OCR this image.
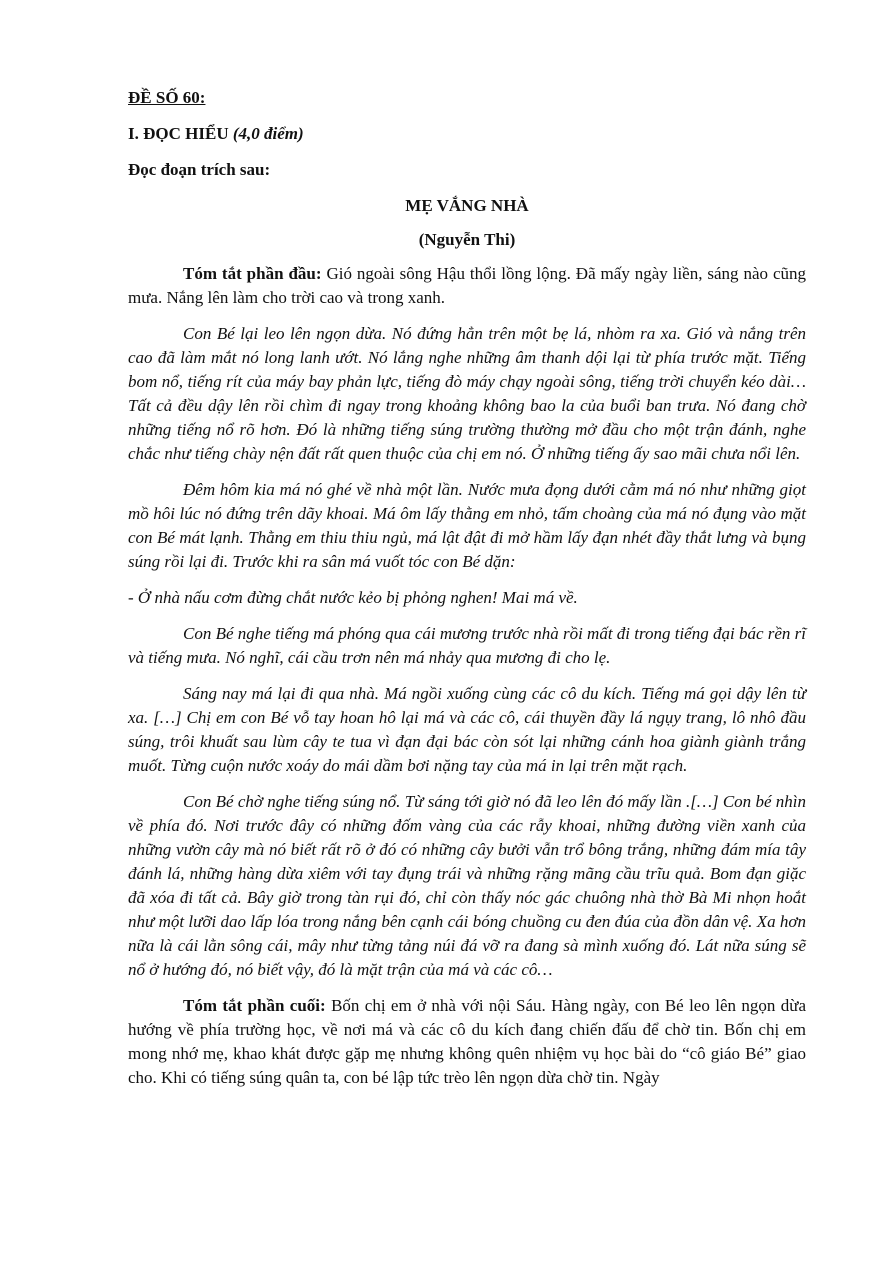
ĐỀ SỐ 60:
I. ĐỌC HIỂU (4,0 điểm)
Đọc đoạn trích sau:
MẸ VẮNG NHÀ
(Nguyễn Thi)

Tóm tắt phần đầu: Gió ngoài sông Hậu thổi lồng lộng. Đã mấy ngày liền, sáng nào cũng mưa. Nắng lên làm cho trời cao và trong xanh.

Con Bé lại leo lên ngọn dừa. Nó đứng hẳn trên một bẹ lá, nhòm ra xa. Gió và nắng trên cao đã làm mắt nó long lanh ướt. Nó lắng nghe những âm thanh dội lại từ phía trước mặt. Tiếng bom nổ, tiếng rít của máy bay phản lực, tiếng đò máy chạy ngoài sông, tiếng trời chuyển kéo dài… Tất cả đều dậy lên rồi chìm đi ngay trong khoảng không bao la của buổi ban trưa. Nó đang chờ những tiếng nổ rõ hơn. Đó là những tiếng súng trường thường mở đầu cho một trận đánh, nghe chắc như tiếng chày nện đất rất quen thuộc của chị em nó. Ở những tiếng ấy sao mãi chưa nổi lên.

Đêm hôm kia má nó ghé về nhà một lần. Nước mưa đọng dưới cằm má nó như những giọt mồ hôi lúc nó đứng trên dãy khoai. Má ôm lấy thằng em nhỏ, tấm choàng của má nó đụng vào mặt con Bé mát lạnh. Thằng em thiu thiu ngủ, má lật đật đi mở hầm lấy đạn nhét đầy thắt lưng và bụng súng rồi lại đi. Trước khi ra sân má vuốt tóc con Bé dặn:

- Ở nhà nấu cơm đừng chắt nước kẻo bị phỏng nghen! Mai má về.

Con Bé nghe tiếng má phóng qua cái mương trước nhà rồi mất đi trong tiếng đại bác rền rĩ và tiếng mưa. Nó nghĩ, cái cầu trơn nên má nhảy qua mương đi cho lẹ.

Sáng nay má lại đi qua nhà. Má ngồi xuống cùng các cô du kích. Tiếng má gọi dậy lên từ xa. […] Chị em con Bé vỗ tay hoan hô lại má và các cô, cái thuyền đầy lá ngụy trang, lô nhô đầu súng, trôi khuất sau lùm cây te tua vì đạn đại bác còn sót lại những cánh hoa giành giành trắng muốt. Từng cuộn nước xoáy do mái dầm bơi nặng tay của má in lại trên mặt rạch.

Con Bé chờ nghe tiếng súng nổ. Từ sáng tới giờ nó đã leo lên đó mấy lần .[…] Con bé nhìn về phía đó. Nơi trước đây có những đốm vàng của các rẫy khoai, những đường viền xanh của những vườn cây mà nó biết rất rõ ở đó có những cây bưởi vẫn trổ bông trắng, những đám mía tây đánh lá, những hàng dừa xiêm với tay đụng trái và những rặng mãng cầu trĩu quả. Bom đạn giặc đã xóa đi tất cả. Bây giờ trong tàn rụi đó, chỉ còn thấy nóc gác chuông nhà thờ Bà Mi nhọn hoắt như một lưỡi dao lấp lóa trong nắng bên cạnh cái bóng chuồng cu đen đúa của đồn dân vệ. Xa hơn nữa là cái lằn sông cái, mây như từng tảng núi đá vỡ ra đang sà mình xuống đó. Lát nữa súng sẽ nổ ở hướng đó, nó biết vậy, đó là mặt trận của má và các cô…

Tóm tắt phần cuối: Bốn chị em ở nhà với nội Sáu. Hàng ngày, con Bé leo lên ngọn dừa hướng về phía trường học, về nơi má và các cô du kích đang chiến đấu để chờ tin. Bốn chị em mong nhớ mẹ, khao khát được gặp mẹ nhưng không quên nhiệm vụ học bài do “cô giáo Bé” giao cho. Khi có tiếng súng quân ta, con bé lập tức trèo lên ngọn dừa chờ tin. Ngày
